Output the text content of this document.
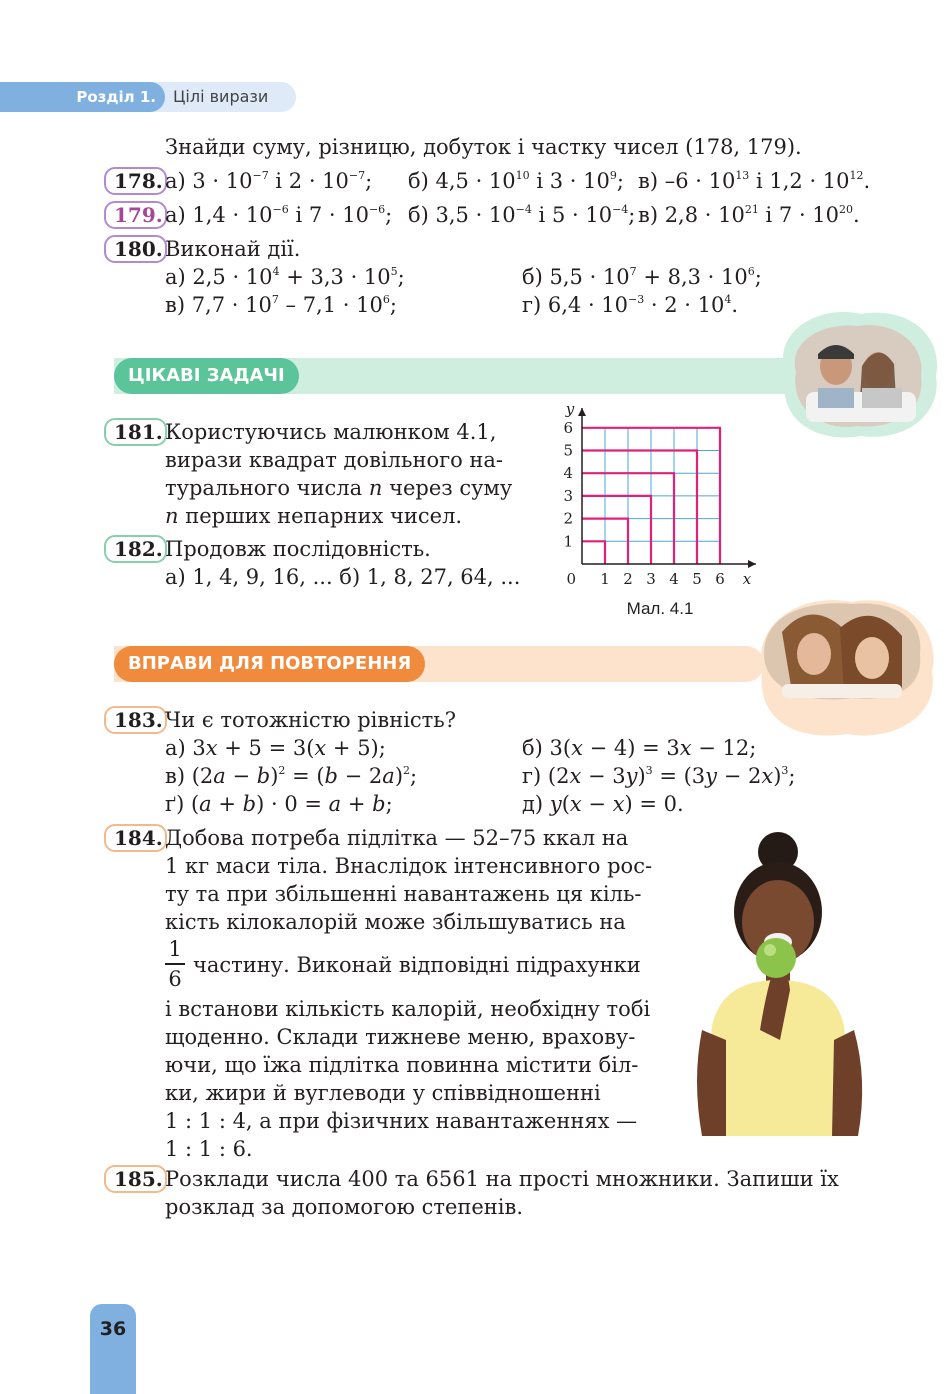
Розділ 1.	Цілі вирази
Знайди суму, різницю, добуток і частку чисел (178, 179).
178. а) $3 \cdot 10^{-7}$ і $2 \cdot 10^{-7}$; б) $4,5 \cdot 10^{10}$ і $3 \cdot 10^9$; в) $-6 \cdot 10^{13}$ і $1,2 \cdot 10^{12}$.
179. а) $1,4 \cdot 10^{-6}$ і $7 \cdot 10^{-6}$; б) $3,5 \cdot 10^{-4}$ і $5 \cdot 10^{-4}$; в) $2,8 \cdot 10^{21}$ і $7 \cdot 10^{20}$.
180. Виконай дії.
а) $2,5 \cdot 10^4 + 3,3 \cdot 10^5$;	б) $5,5 \cdot 10^7 + 8,3 \cdot 10^6$;
в) $7,7 \cdot 10^7 - 7,1 \cdot 10^6$;	г) $6,4 \cdot 10^{-3} \cdot 2 \cdot 10^4$.
ЦІКАВІ ЗАДАЧІ
181. Користуючись малюнком 4.1,
вирази квадрат довільного на-
турального числа n через суму
n перших непарних чисел.
182. Продовж послідовність.
а) 1, 4, 9, 16, ... б) 1, 8, 27, 64, ...	1
1
2
2
3
3
4
4
5
5
6
6
0	x
y
Мал. 4.1
ВПРАВИ ДЛЯ ПОВТОРЕННЯ
183. Чи є тотожністю рівність?
а) 3x + 5 = 3(x + 5);	б) 3(x − 4) = 3x − 12;
в) $(2a - b)^2 = (b - 2a)^2$;	г) $(2x - 3y)^3 = (3y - 2x)^3$;
ґ) (a + b) · 0 = a + b;	д) y(x − x) = 0.
184. Добова потреба підлітка — 52–75 ккал на
1 кг маси тіла. Внаслідок інтенсивного рос-
ту та при збільшенні навантажень ця кіль-
кість кілокалорій може збільшуватись на
1
6
частину. Виконай відповідні підрахунки
і встанови кількість калорій, необхідну тобі
щоденно. Склади тижневе меню, врахову-
ючи, що їжа підлітка повинна містити біл-
ки, жири й вуглеводи у співвідношенні
1 : 1 : 4, а при фізичних навантаженнях —
1 : 1 : 6.
185. Розклади числа 400 та 6561 на прості множники. Запиши їх
розклад за допомогою степенів.
36
